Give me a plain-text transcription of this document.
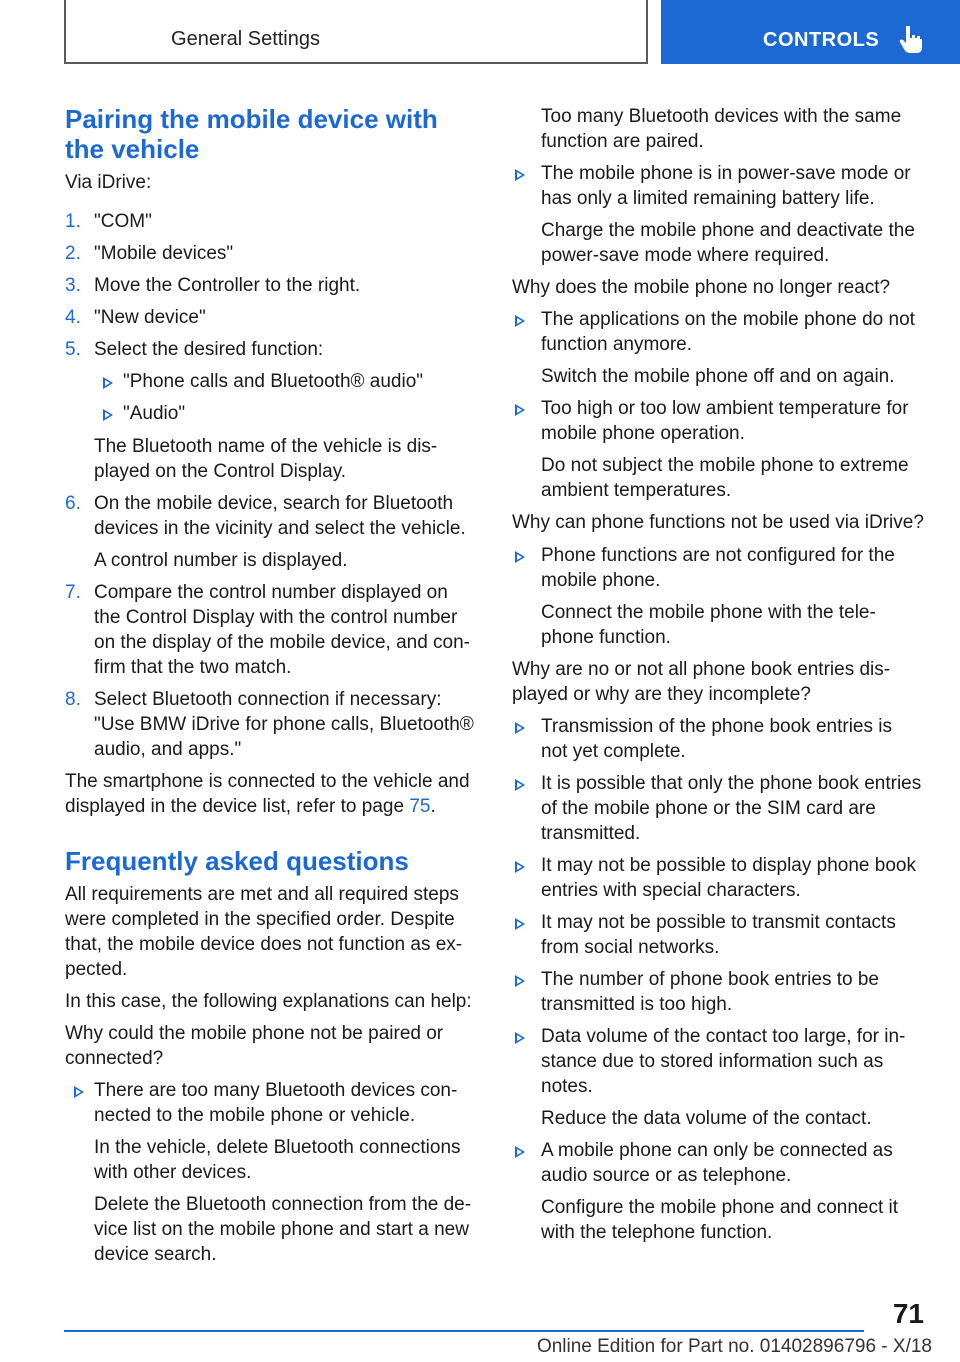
General Settings	CONTROLS
Pairing the mobile device with
the vehicle
Via iDrive:
1. "COM"
2. "Mobile devices"
3. Move the Controller to the right.
4. "New device"
5. Select the desired function:
"Phone calls and Bluetooth® audio"
"Audio"
The Bluetooth name of the vehicle is dis-
played on the Control Display.
6. On the mobile device, search for Bluetooth
devices in the vicinity and select the vehicle.
A control number is displayed.
7. Compare the control number displayed on
the Control Display with the control number
on the display of the mobile device, and con-
firm that the two match.
8. Select Bluetooth connection if necessary:
"Use BMW iDrive for phone calls, Bluetooth®
audio, and apps."
The smartphone is connected to the vehicle and
displayed in the device list, refer to page 75.
Frequently asked questions
All requirements are met and all required steps
were completed in the specified order. Despite
that, the mobile device does not function as ex-
pected.
In this case, the following explanations can help:
Why could the mobile phone not be paired or
connected?
There are too many Bluetooth devices con-
nected to the mobile phone or vehicle.
In the vehicle, delete Bluetooth connections
with other devices.
Delete the Bluetooth connection from the de-
vice list on the mobile phone and start a new
device search.
Too many Bluetooth devices with the same
function are paired.
The mobile phone is in power-save mode or
has only a limited remaining battery life.
Charge the mobile phone and deactivate the
power-save mode where required.
Why does the mobile phone no longer react?
The applications on the mobile phone do not
function anymore.
Switch the mobile phone off and on again.
Too high or too low ambient temperature for
mobile phone operation.
Do not subject the mobile phone to extreme
ambient temperatures.
Why can phone functions not be used via iDrive?
Phone functions are not configured for the
mobile phone.
Connect the mobile phone with the tele-
phone function.
Why are no or not all phone book entries dis-
played or why are they incomplete?
Transmission of the phone book entries is
not yet complete.
It is possible that only the phone book entries
of the mobile phone or the SIM card are
transmitted.
It may not be possible to display phone book
entries with special characters.
It may not be possible to transmit contacts
from social networks.
The number of phone book entries to be
transmitted is too high.
Data volume of the contact too large, for in-
stance due to stored information such as
notes.
Reduce the data volume of the contact.
A mobile phone can only be connected as
audio source or as telephone.
Configure the mobile phone and connect it
with the telephone function.
71
Online Edition for Part no. 01402896796 - X/18
